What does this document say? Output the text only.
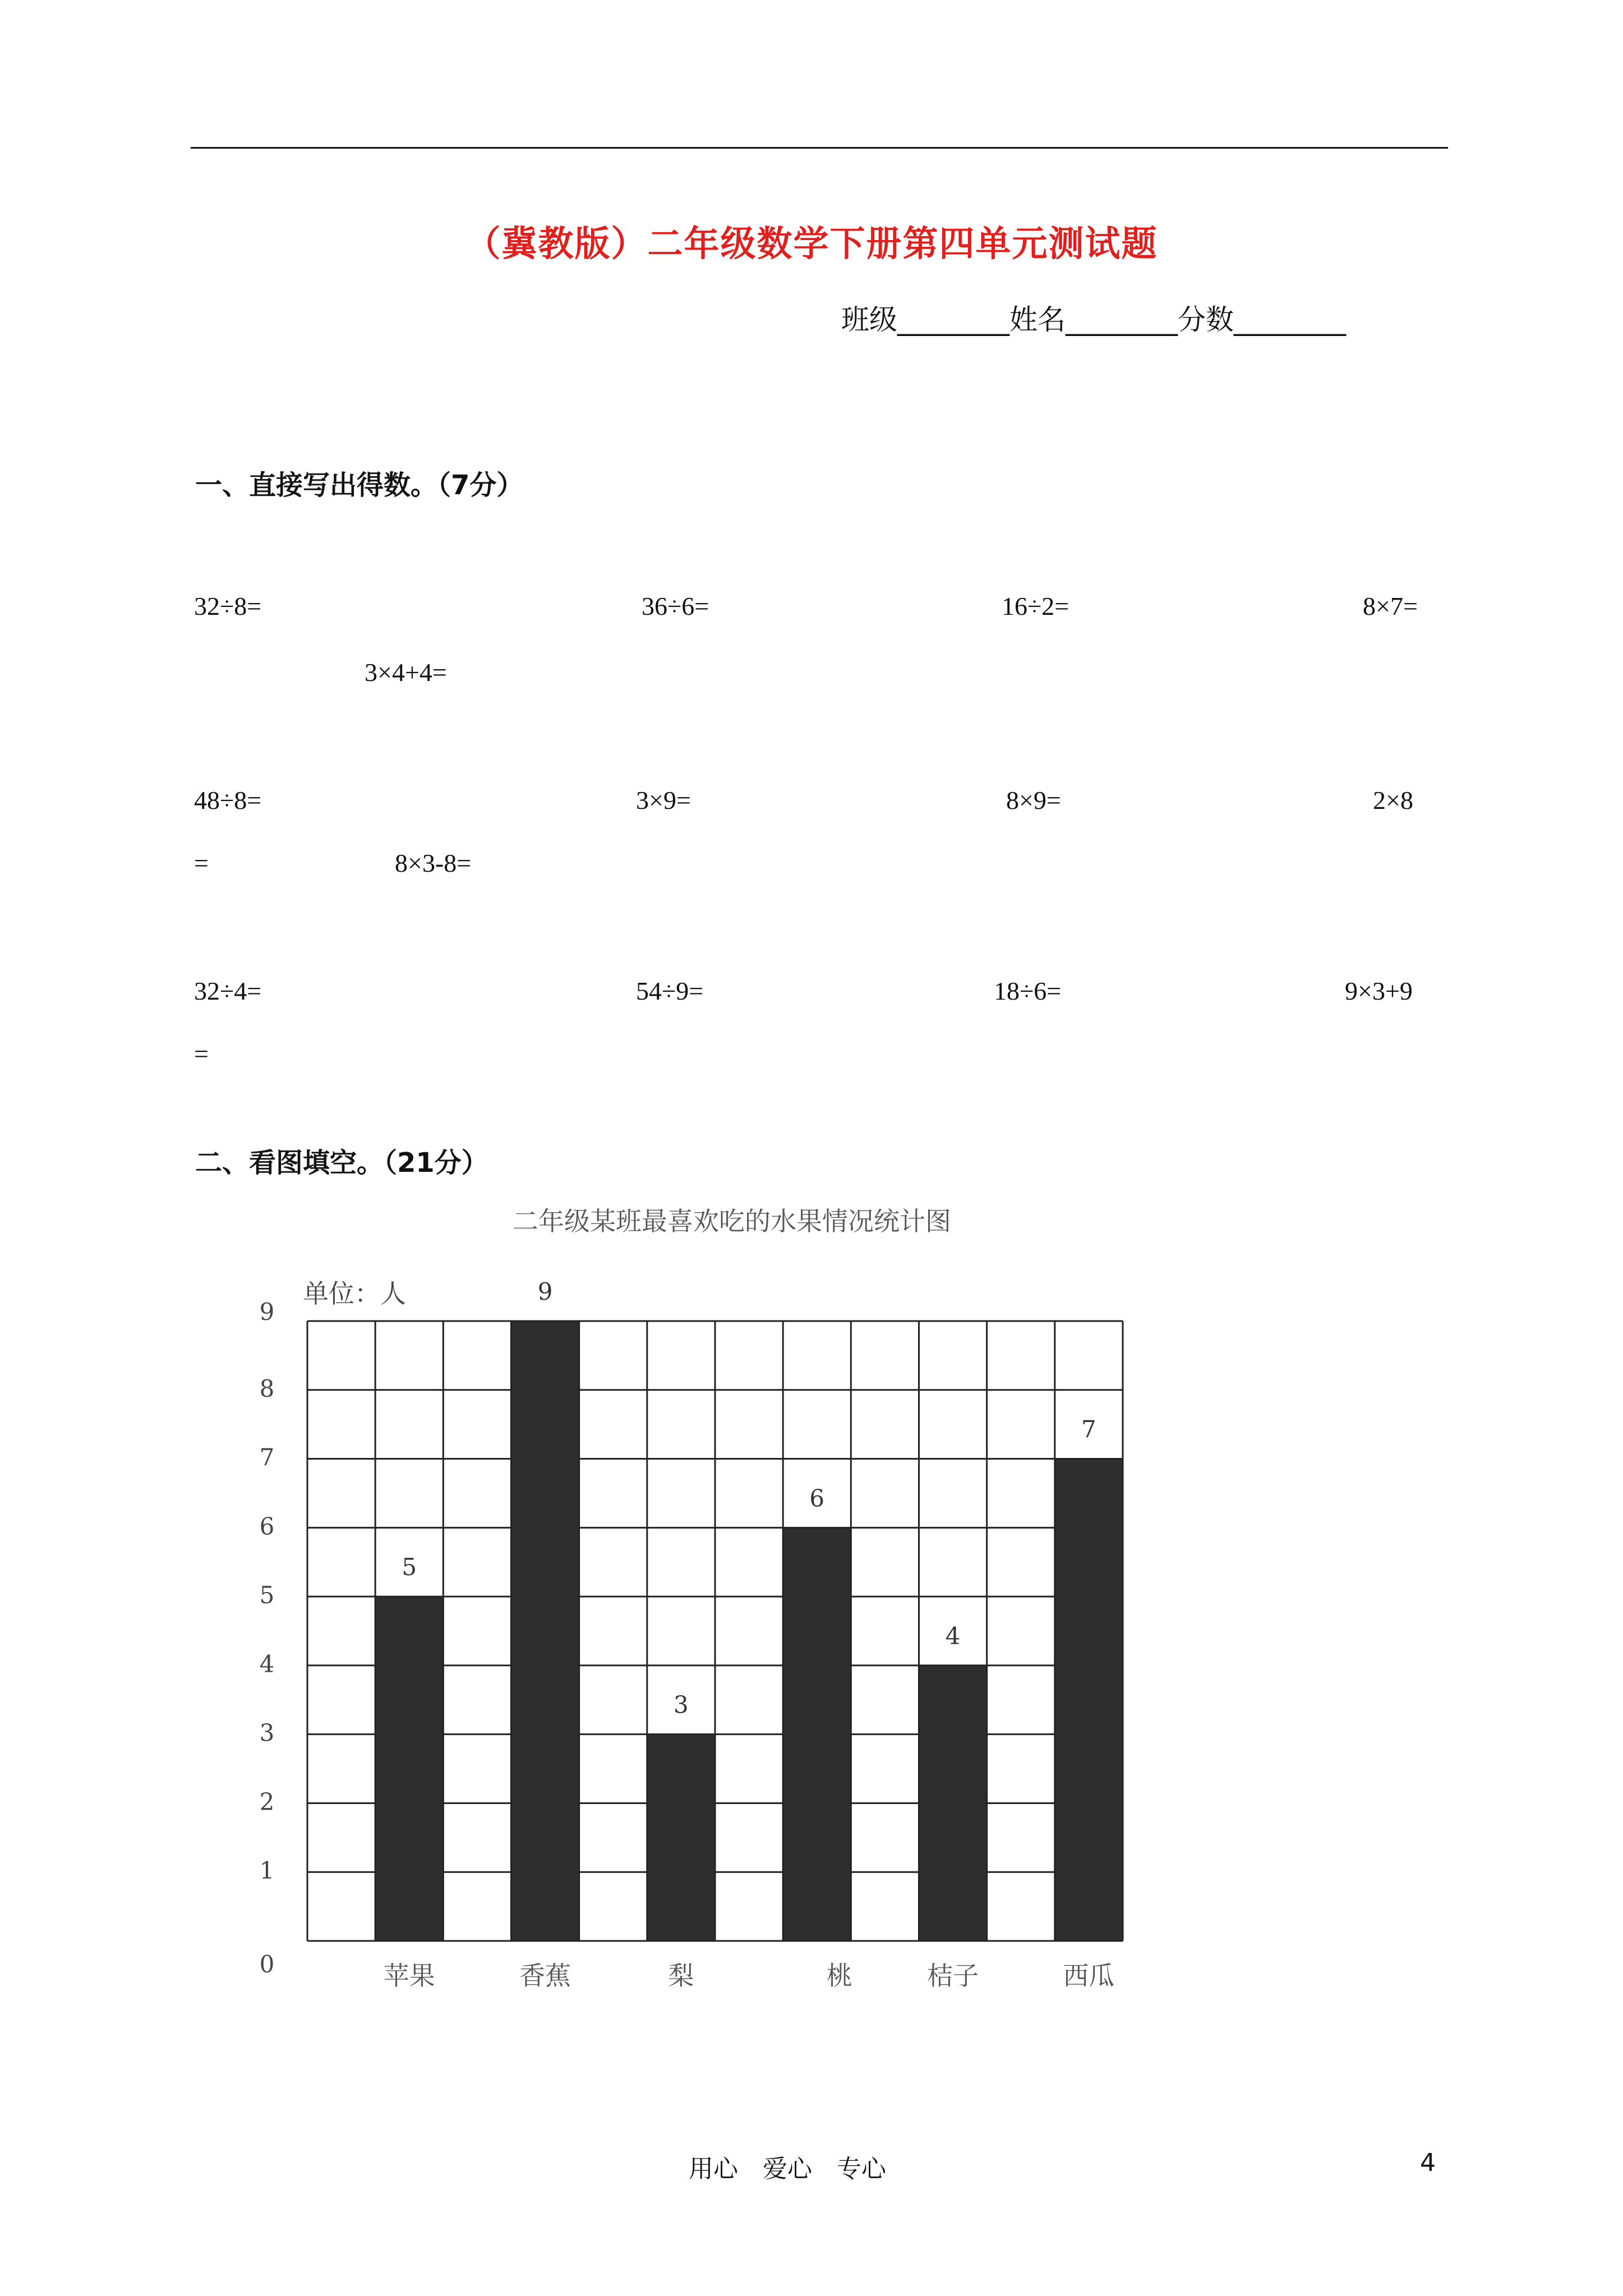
（冀教版）二年级数学下册第四单元测试题
班级________姓名________分数________
一、直接写出得数。（7分）
32÷8=	36÷6=	16÷2=	8×7=
3×4+4=
48÷8=	3×9=	8×9=	2×8
=	8×3-8=
32÷4=	54÷9=	18÷6=	9×3+9
=
二、看图填空。（21分）
二年级某班最喜欢吃的水果情况统计图
5
苹果
9
香蕉
3
梨
6
桃
4
桔子
7
西瓜
0
1
2
3
4
5
6
7
8
9
单位：人
用心　爱心　专心	4
